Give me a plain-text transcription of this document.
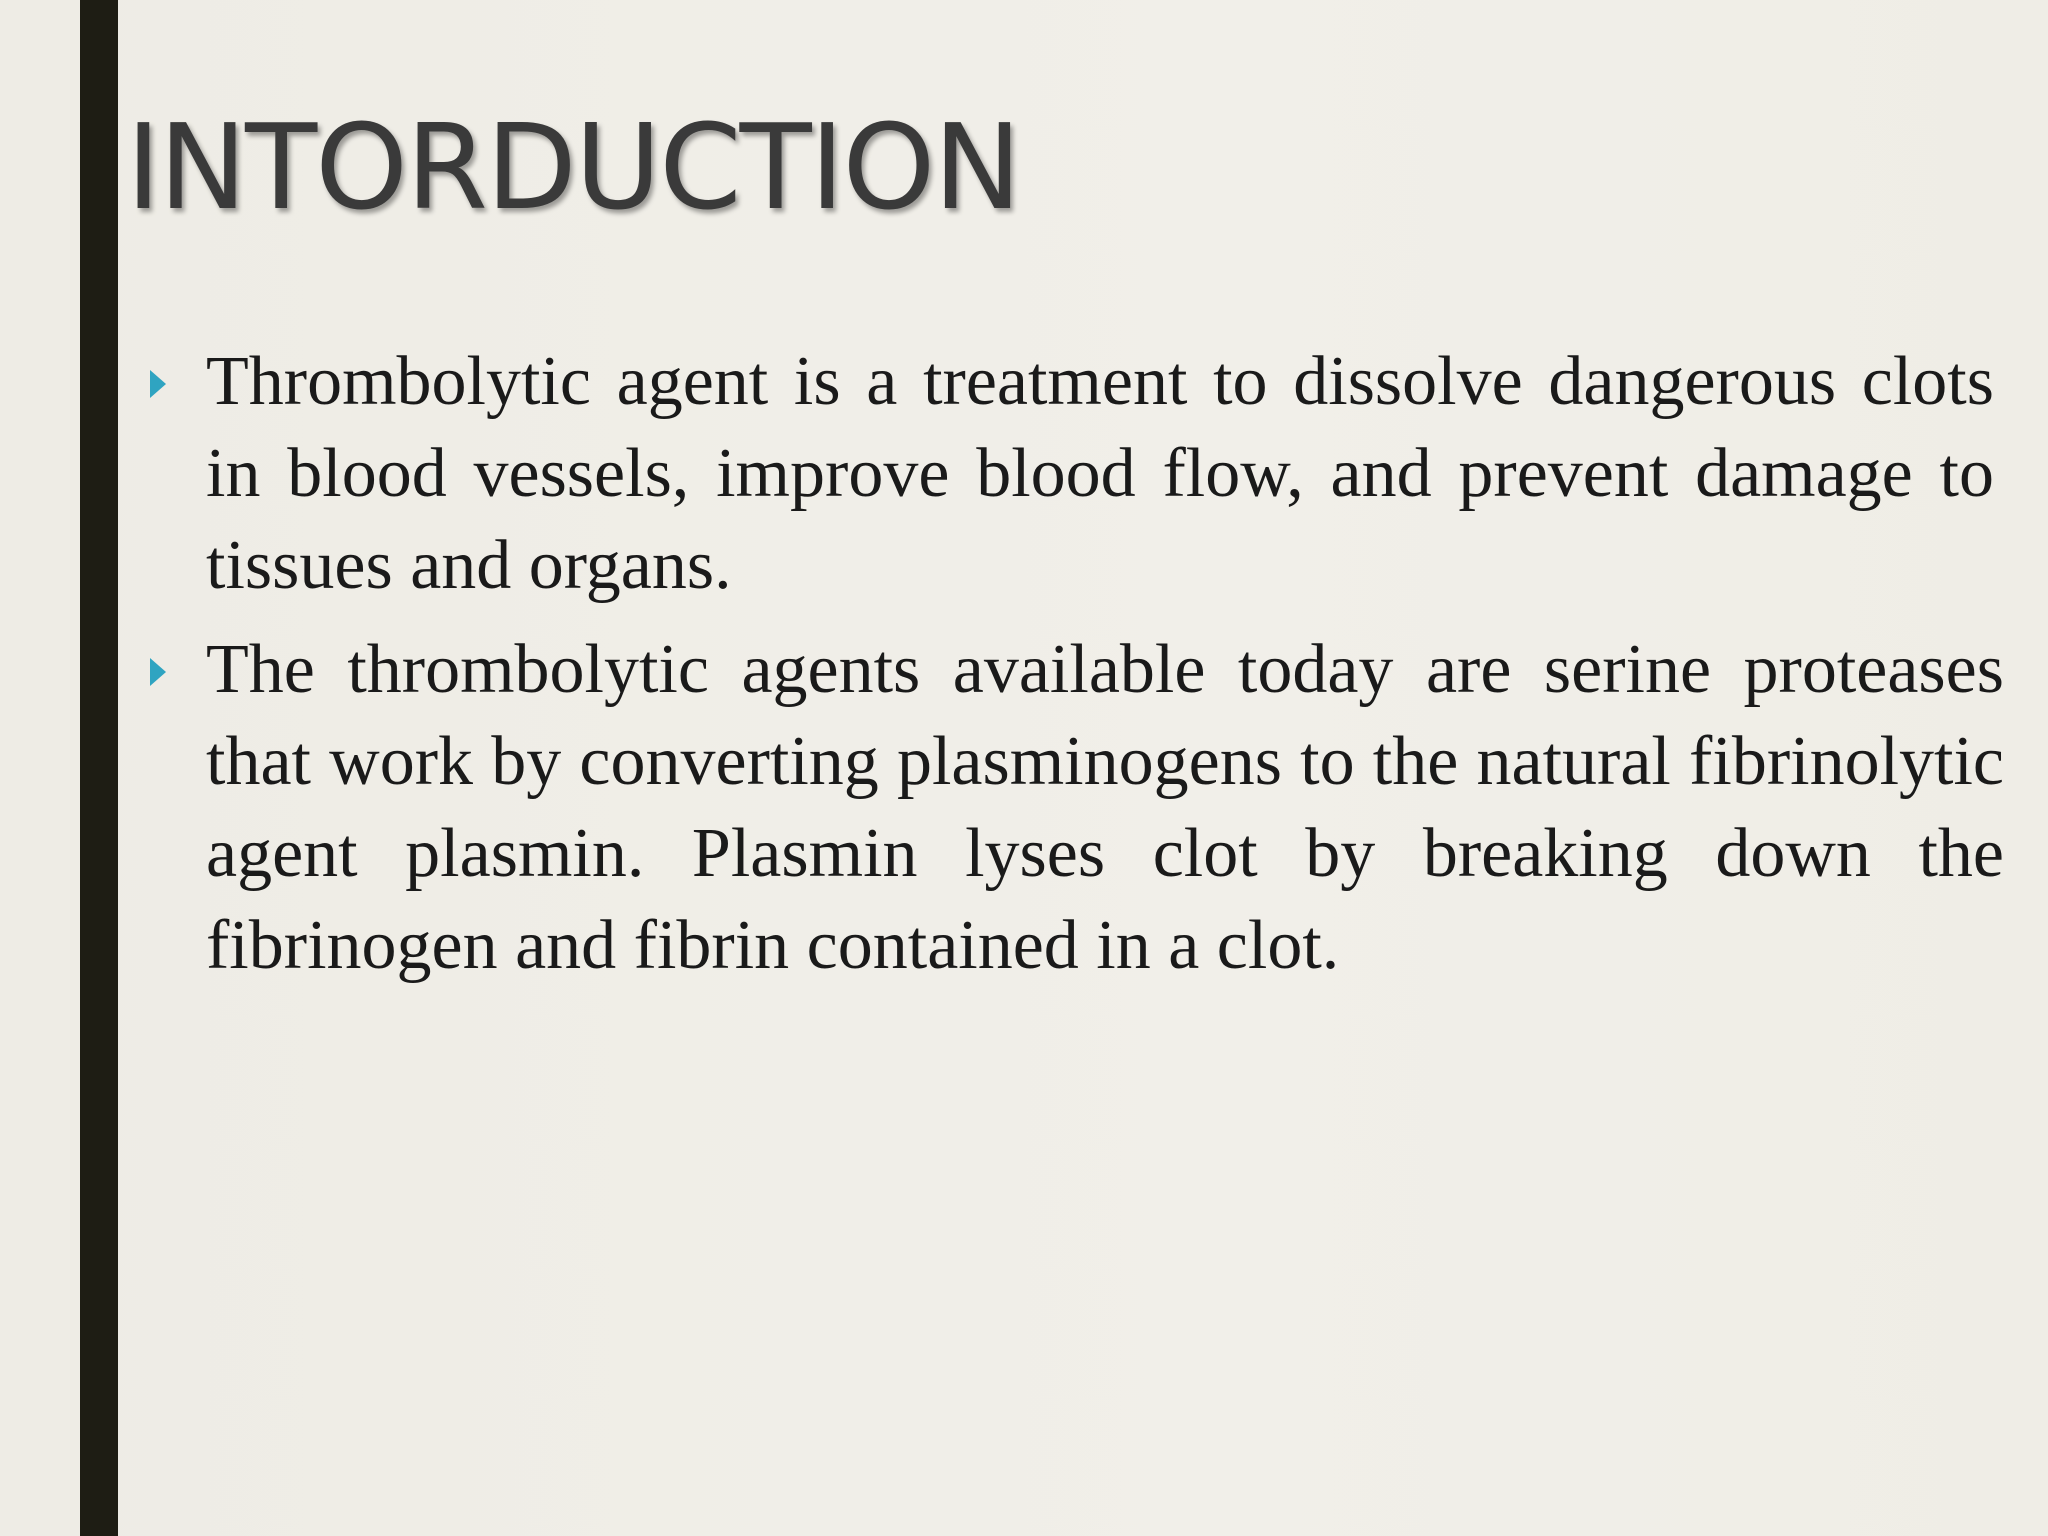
INTORDUCTION

Thrombolytic agent is a treatment to dissolve dangerous clots in blood vessels, improve blood flow, and prevent damage to tissues and organs.

The thrombolytic agents available today are serine proteases that work by converting plasminogens to the natural fibrinolytic agent plasmin. Plasmin lyses clot by breaking down the fibrinogen and fibrin contained in a clot.
